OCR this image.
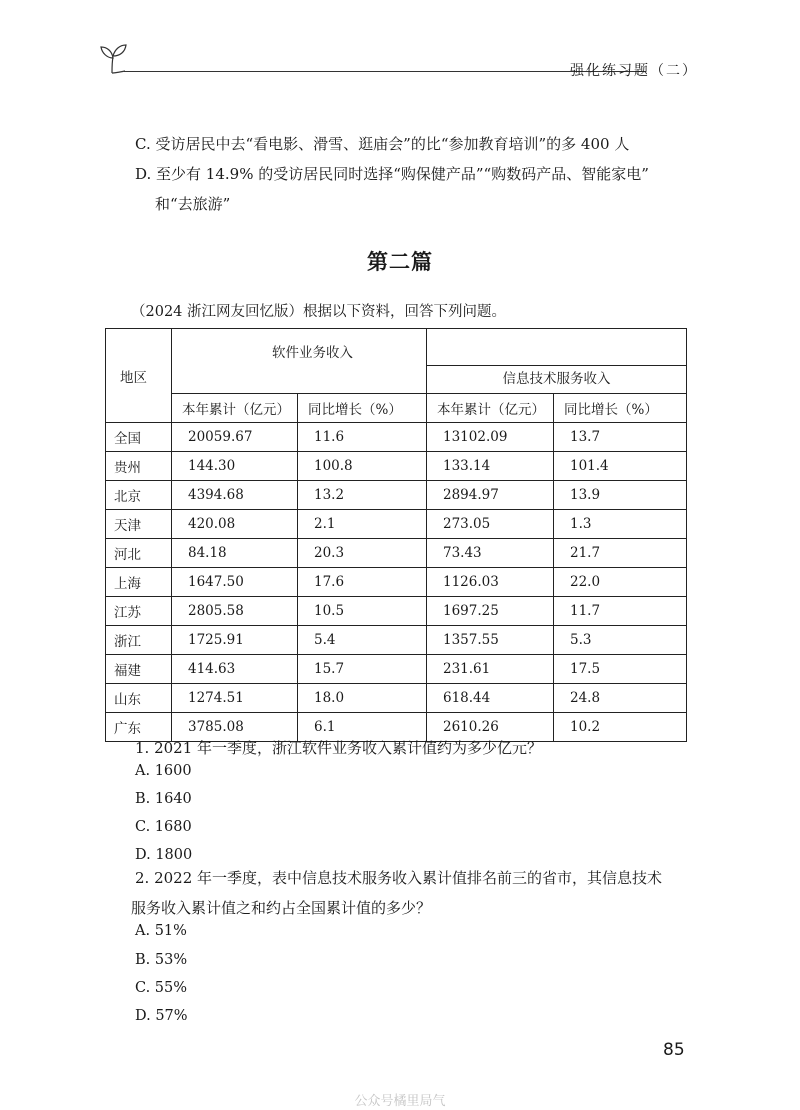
强化练习题（二）
C. 受访居民中去“看电影、滑雪、逛庙会”的比“参加教育培训”的多 400 人
D. 至少有 14.9% 的受访居民同时选择“购保健产品”“购数码产品、智能家电”
和“去旅游”
第二篇
（2024 浙江网友回忆版）根据以下资料，回答下列问题。
地区	软件业务收入		信息技术服务收入	

	本年累计（亿元）	同比增长（%）	本年累计（亿元）	同比增长（%）
全国	20059.67	11.6	13102.09	13.7
贵州	144.30	100.8	133.14	101.4
北京	4394.68	13.2	2894.97	13.9
天津	420.08	2.1	273.05	1.3
河北	84.18	20.3	73.43	21.7
上海	1647.50	17.6	1126.03	22.0
江苏	2805.58	10.5	1697.25	11.7
浙江	1725.91	5.4	1357.55	5.3
福建	414.63	15.7	231.61	17.5
山东	1274.51	18.0	618.44	24.8
广东	3785.08	6.1	2610.26	10.2
1. 2021 年一季度，浙江软件业务收入累计值约为多少亿元？
A. 1600
B. 1640
C. 1680
D. 1800
2. 2022 年一季度，表中信息技术服务收入累计值排名前三的省市，其信息技术
服务收入累计值之和约占全国累计值的多少？
A. 51%
B. 53%
C. 55%
D. 57%
85
公众号橘里局气
